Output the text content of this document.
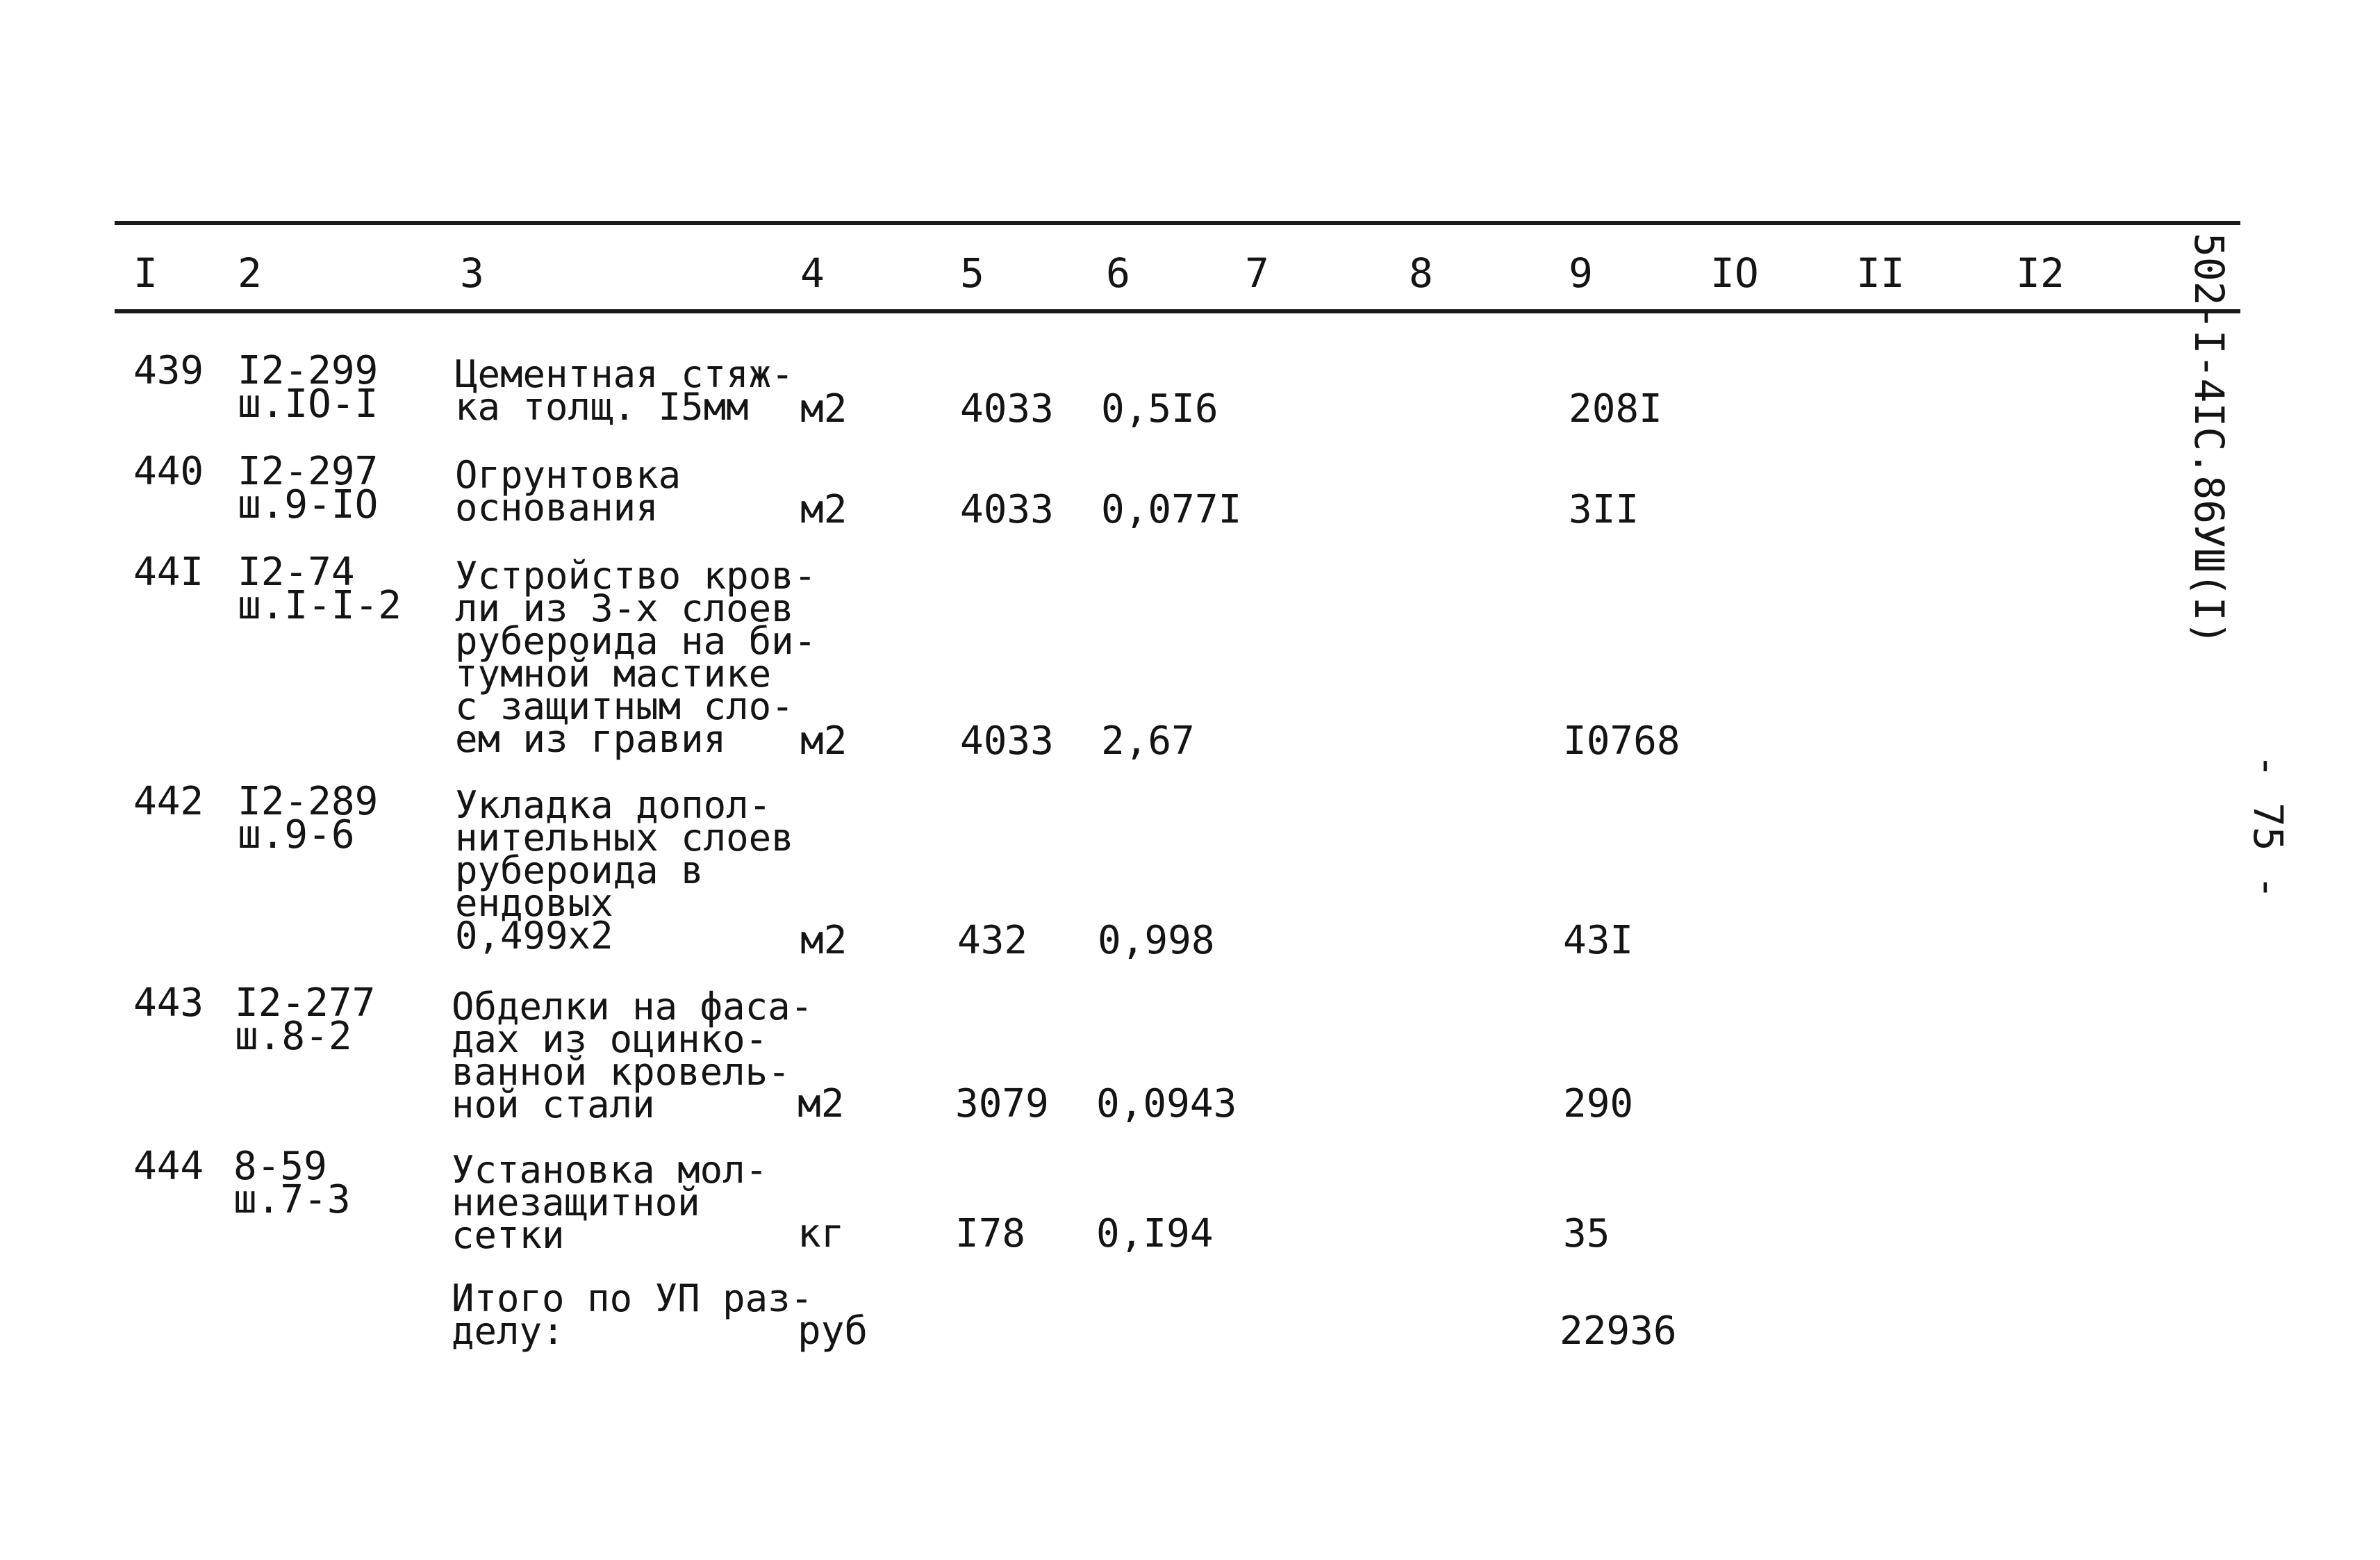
I 2	3	4	5	6	7	8	9	IO II	I2
439 I2-299
ш.IO-I
Цементная стяж-
ка толщ. I5мм	м2	4033 0,5I6	208I
440 I2-297
ш.9-IO
Огрунтовка
основания	м2	4033 0,077I	3II
44I I2-74
ш.I-I-2
Устройство кров-
ли из 3-х слоев
рубероида на би-
тумной мастике
с защитным сло-
ем из гравия	м2	4033 2,67	I0768
442 I2-289
ш.9-6
Укладка допол-
нительных слоев
рубероида в
ендовых
0,499х2	м2	432 0,998	43I
443 I2-277
ш.8-2
Обделки на фаса-
дах из оцинко-
ванной кровель-
ной стали	м2	3079 0,0943	290
444 8-59
ш.7-3
Установка мол-
ниезащитной
сетки	кг	I78 0,I94	35
Итого по УП раз-
делу:	руб	22936
502-I-4IC.86УШ(I)
- 75 -
